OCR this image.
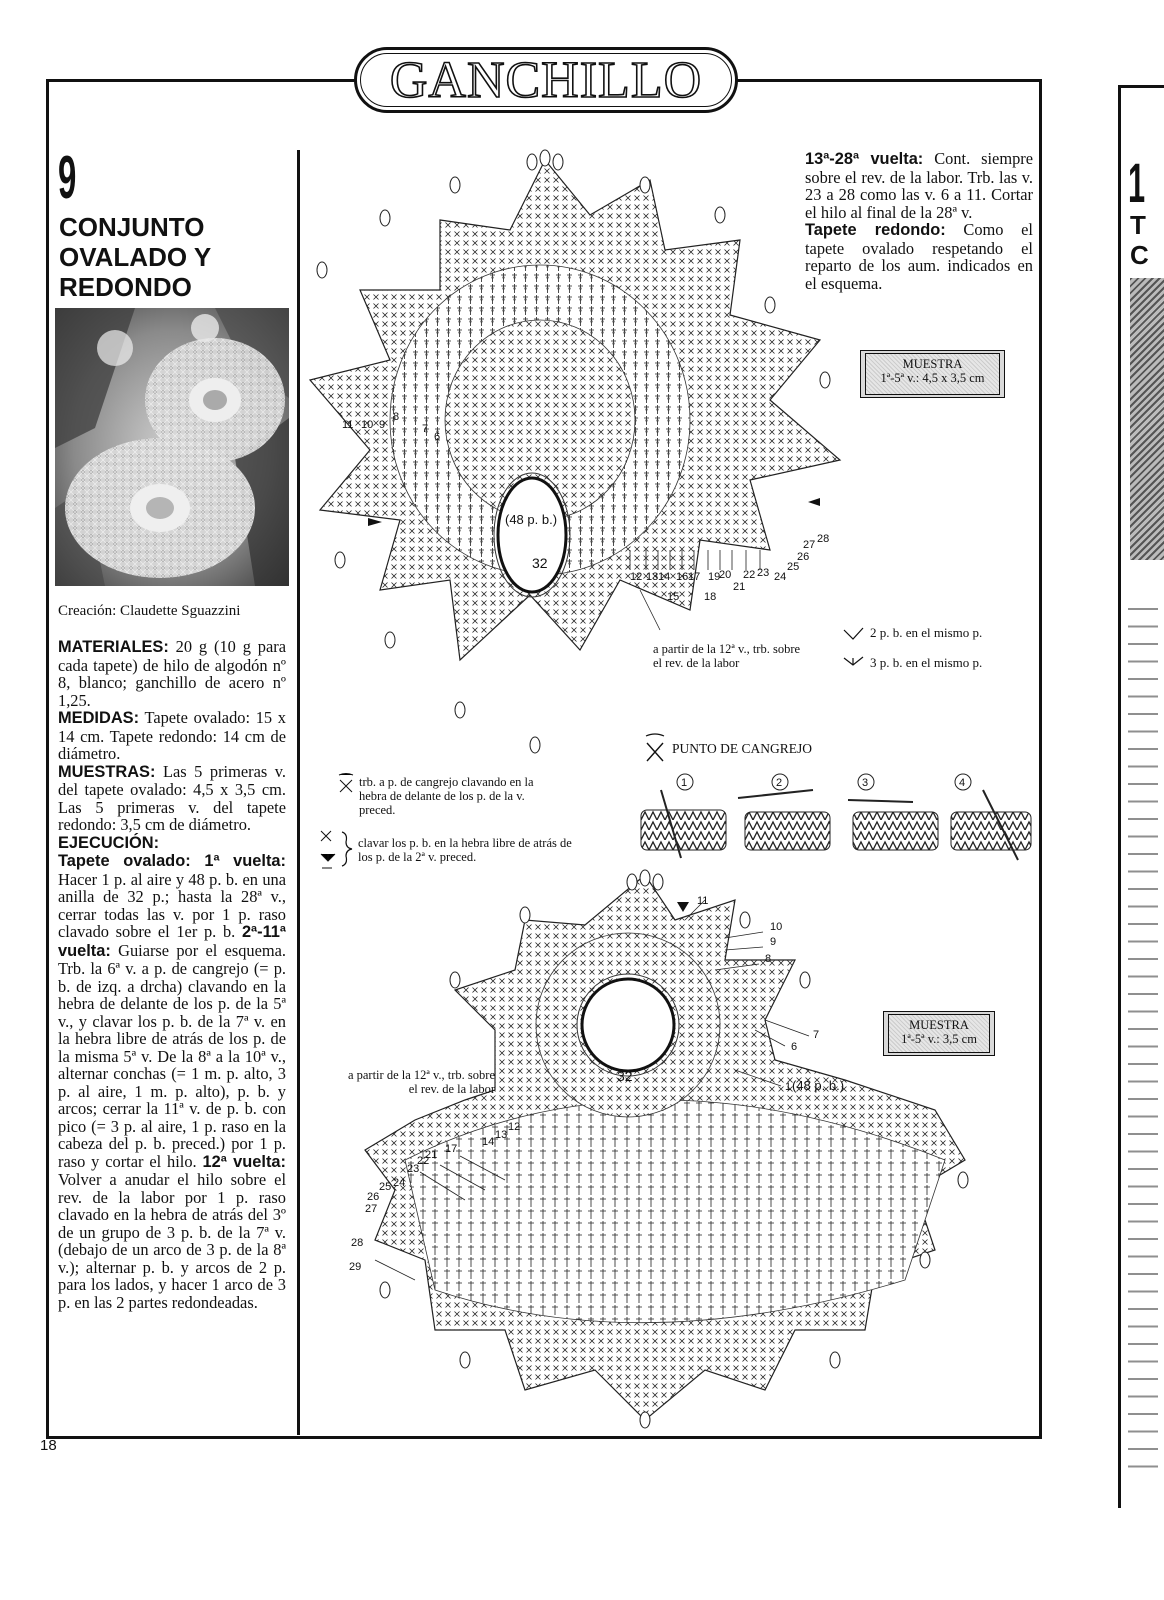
GANCHILLO
9
CONJUNTO
OVALADO Y
REDONDO
Creación: Claudette Sguazzini

MATERIALES: 20 g (10 g para cada tapete) de hilo de algodón nº 8, blanco; ganchillo de acero nº 1,25.

MEDIDAS: Tapete ovalado: 15 x 14 cm. Tapete redondo: 14 cm de diámetro.

MUESTRAS: Las 5 primeras v. del tapete ovalado: 4,5 x 3,5 cm. Las 5 primeras v. del tapete redondo: 3,5 cm de diámetro.

EJECUCIÓN:

Tapete ovalado: 1ª vuelta: Hacer 1 p. al aire y 48 p. b. en una anilla de 32 p.; hasta la 28ª v., cerrar todas las v. por 1 p. raso clavado sobre el 1er p. b. 2ª-11ª vuelta: Guiarse por el esquema. Trb. la 6ª v. a p. de cangrejo (= p. b. de izq. a drcha) clavando en la hebra de delante de los p. de la 5ª v., y clavar los p. b. de la 7ª v. en la hebra libre de atrás de los p. de la misma 5ª v. De la 8ª a la 10ª v., alternar conchas (= 1 m. p. alto, 3 p. al aire, 1 m. p. alto), p. b. y arcos; cerrar la 11ª v. de p. b. con pico (= 3 p. al aire, 1 p. raso en la cabeza del p. b. preced.) por 1 p. raso y cortar el hilo. 12ª vuelta: Volver a anudar el hilo sobre el rev. de la labor por 1 p. raso clavado en la hebra de atrás del 3º de un grupo de 3 p. b. de la 7ª v. (debajo de un arco de 3 p. de la 8ª v.); alternar p. b. y arcos de 2 p. para los lados, y hacer 1 arco de 3 p. en las 2 partes redondeadas.

13ª-28ª vuelta: Cont. siempre sobre el rev. de la labor. Trb. las v. 23 a 28 como las v. 6 a 11. Cortar el hilo al final de la 28ª v.

Tapete redondo: Como el tapete ovalado respetando el reparto de los aum. indicados en el esquema.

MUESTRA
1ª-5ª v.: 4,5 x 3,5 cm
MUESTRA
1ª-5ª v.: 3,5 cm
(48 p. b.)
32
11 10 9
8
7
6
12 13 14
15
16 17
18
19
20
21
22 23 24
25
26
27 28
a partir de la 12ª v., trb. sobre el rev. de la labor
2 p. b. en el mismo p.
3 p. b. en el mismo p.
PUNTO DE CANGREJO
trb. a p. de cangrejo clavando en la hebra de delante de los p. de la v. preced.
clavar los p. b. en la hebra libre de atrás de los p. de la 2ª v. preced.
1	2	3	4
32
(48 p. b.)
11
10
9
8
7
6
1
12
13
14
17
21
22
23
24
25
26
27
28
29
a partir de la 12ª v., trb. sobre el rev. de la labor
18
1
T
C
